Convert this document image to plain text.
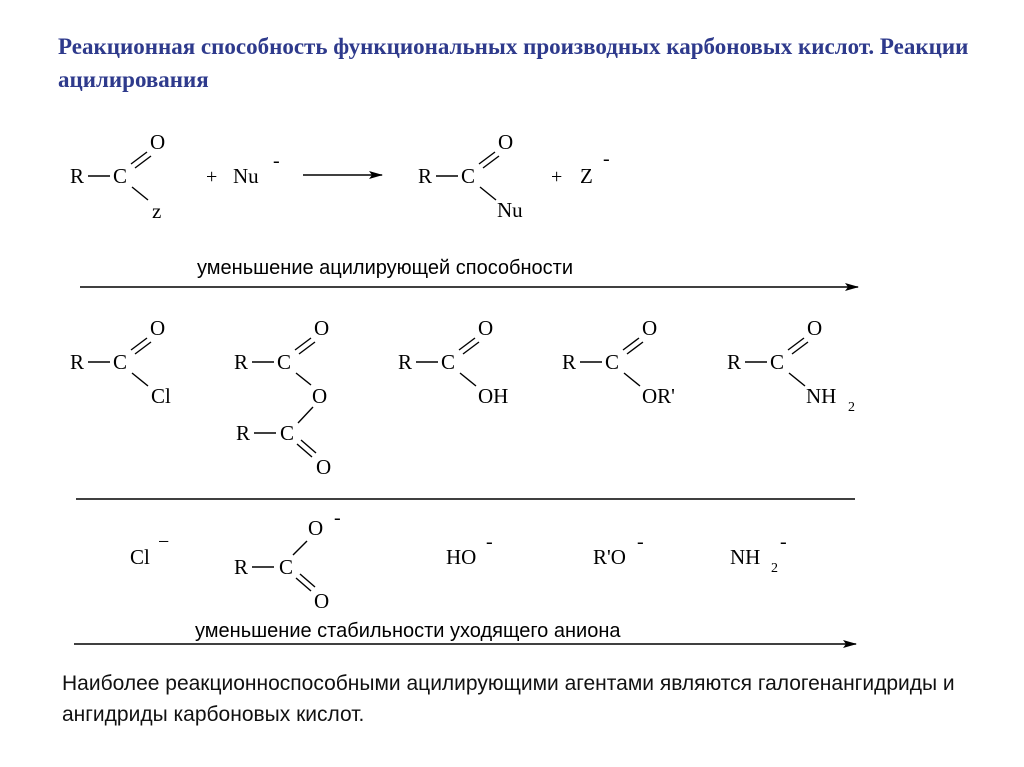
Реакционная способность функциональных производных карбоновых кислот. Реакции ацилирования
R C
O
z
+ Nu
-
R C
O
Nu
+ Z
-
уменьшение ацилирующей способности
R C
O
Cl
R C
O
O
R C
O
R C
O
OH
R C
O
OR'
R C
O
NH 2
Cl
−
O -
R C
O
HO
-
R'O
-
NH 2
-
уменьшение стабильности уходящего аниона

Наиболее реакционноспособными ацилирующими агентами являются галогенангидриды и ангидриды карбоновых кислот.
